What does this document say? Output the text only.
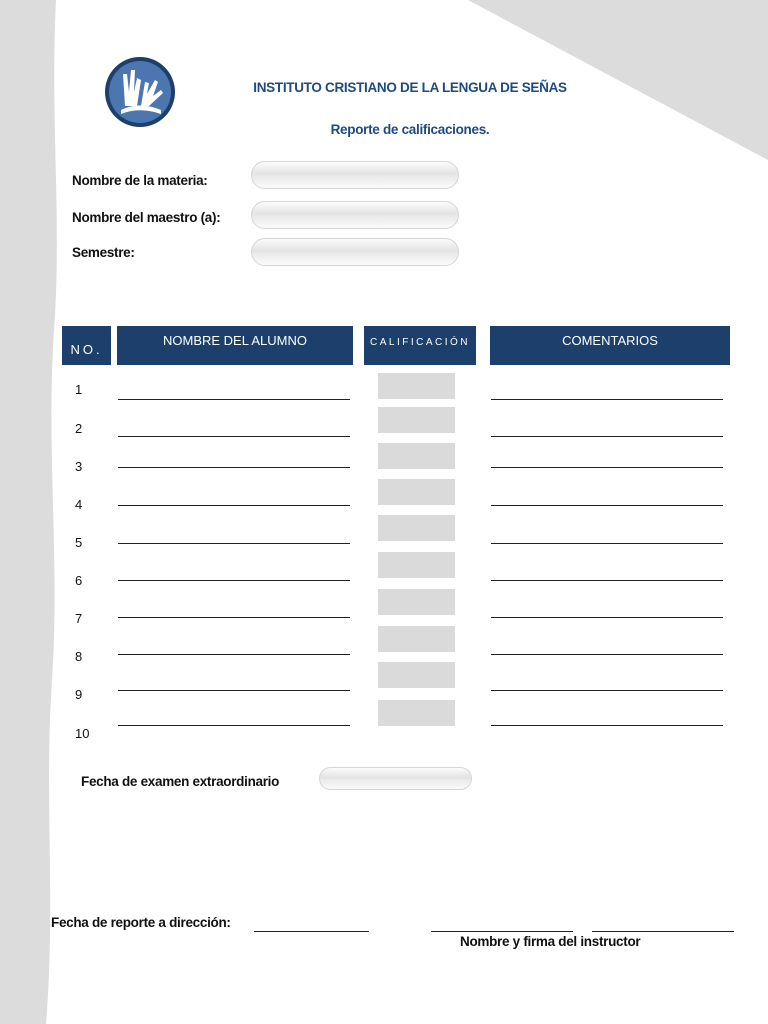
INSTITUTO CRISTIANO DE LA LENGUA DE SEÑAS
Reporte de calificaciones.
Nombre de la materia:
Nombre del maestro (a):
Semestre:
NO.
NOMBRE DEL ALUMNO	CALIFICACIÓN	COMENTARIOS
1
2
3
4
5
6
7
8
9
10
Fecha de examen extraordinario
Fecha de reporte a dirección:
Nombre y firma del instructor
